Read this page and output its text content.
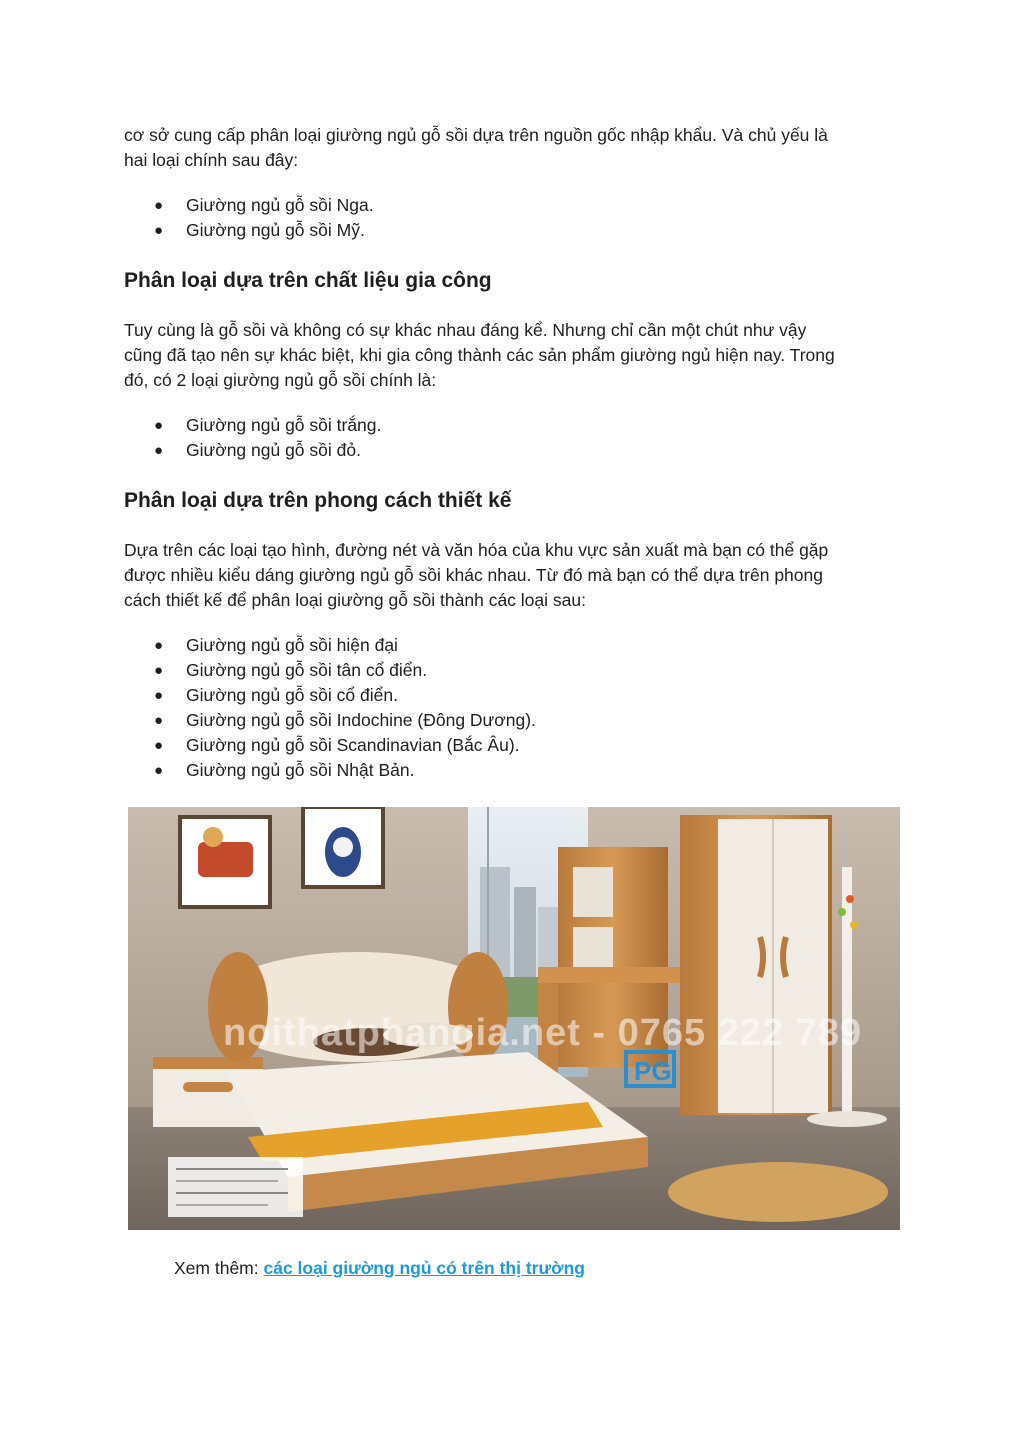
cơ sở cung cấp phân loại giường ngủ gỗ sồi dựa trên nguồn gốc nhập khẩu. Và chủ yếu là

hai loại chính sau đây:

● Giường ngủ gỗ sồi Nga.
● Giường ngủ gỗ sồi Mỹ.
Phân loại dựa trên chất liệu gia công

Tuy cùng là gỗ sồi và không có sự khác nhau đáng kể. Nhưng chỉ cần một chút như vậy

cũng đã tạo nên sự khác biệt, khi gia công thành các sản phẩm giường ngủ hiện nay. Trong

đó, có 2 loại giường ngủ gỗ sồi chính là:

● Giường ngủ gỗ sồi trắng.
● Giường ngủ gỗ sồi đỏ.
Phân loại dựa trên phong cách thiết kế

Dựa trên các loại tạo hình, đường nét và văn hóa của khu vực sản xuất mà bạn có thể gặp

được nhiều kiểu dáng giường ngủ gỗ sồi khác nhau. Từ đó mà bạn có thể dựa trên phong

cách thiết kế để phân loại giường gỗ sồi thành các loại sau:

● Giường ngủ gỗ sồi hiện đại
● Giường ngủ gỗ sồi tân cổ điển.
● Giường ngủ gỗ sồi cổ điển.
● Giường ngủ gỗ sồi Indochine (Đông Dương).
● Giường ngủ gỗ sồi Scandinavian (Bắc Âu).
● Giường ngủ gỗ sồi Nhật Bản.
PG
noithatphangia.net - 0765 222 789
Xem thêm: các loại giường ngủ có trên thị trường
